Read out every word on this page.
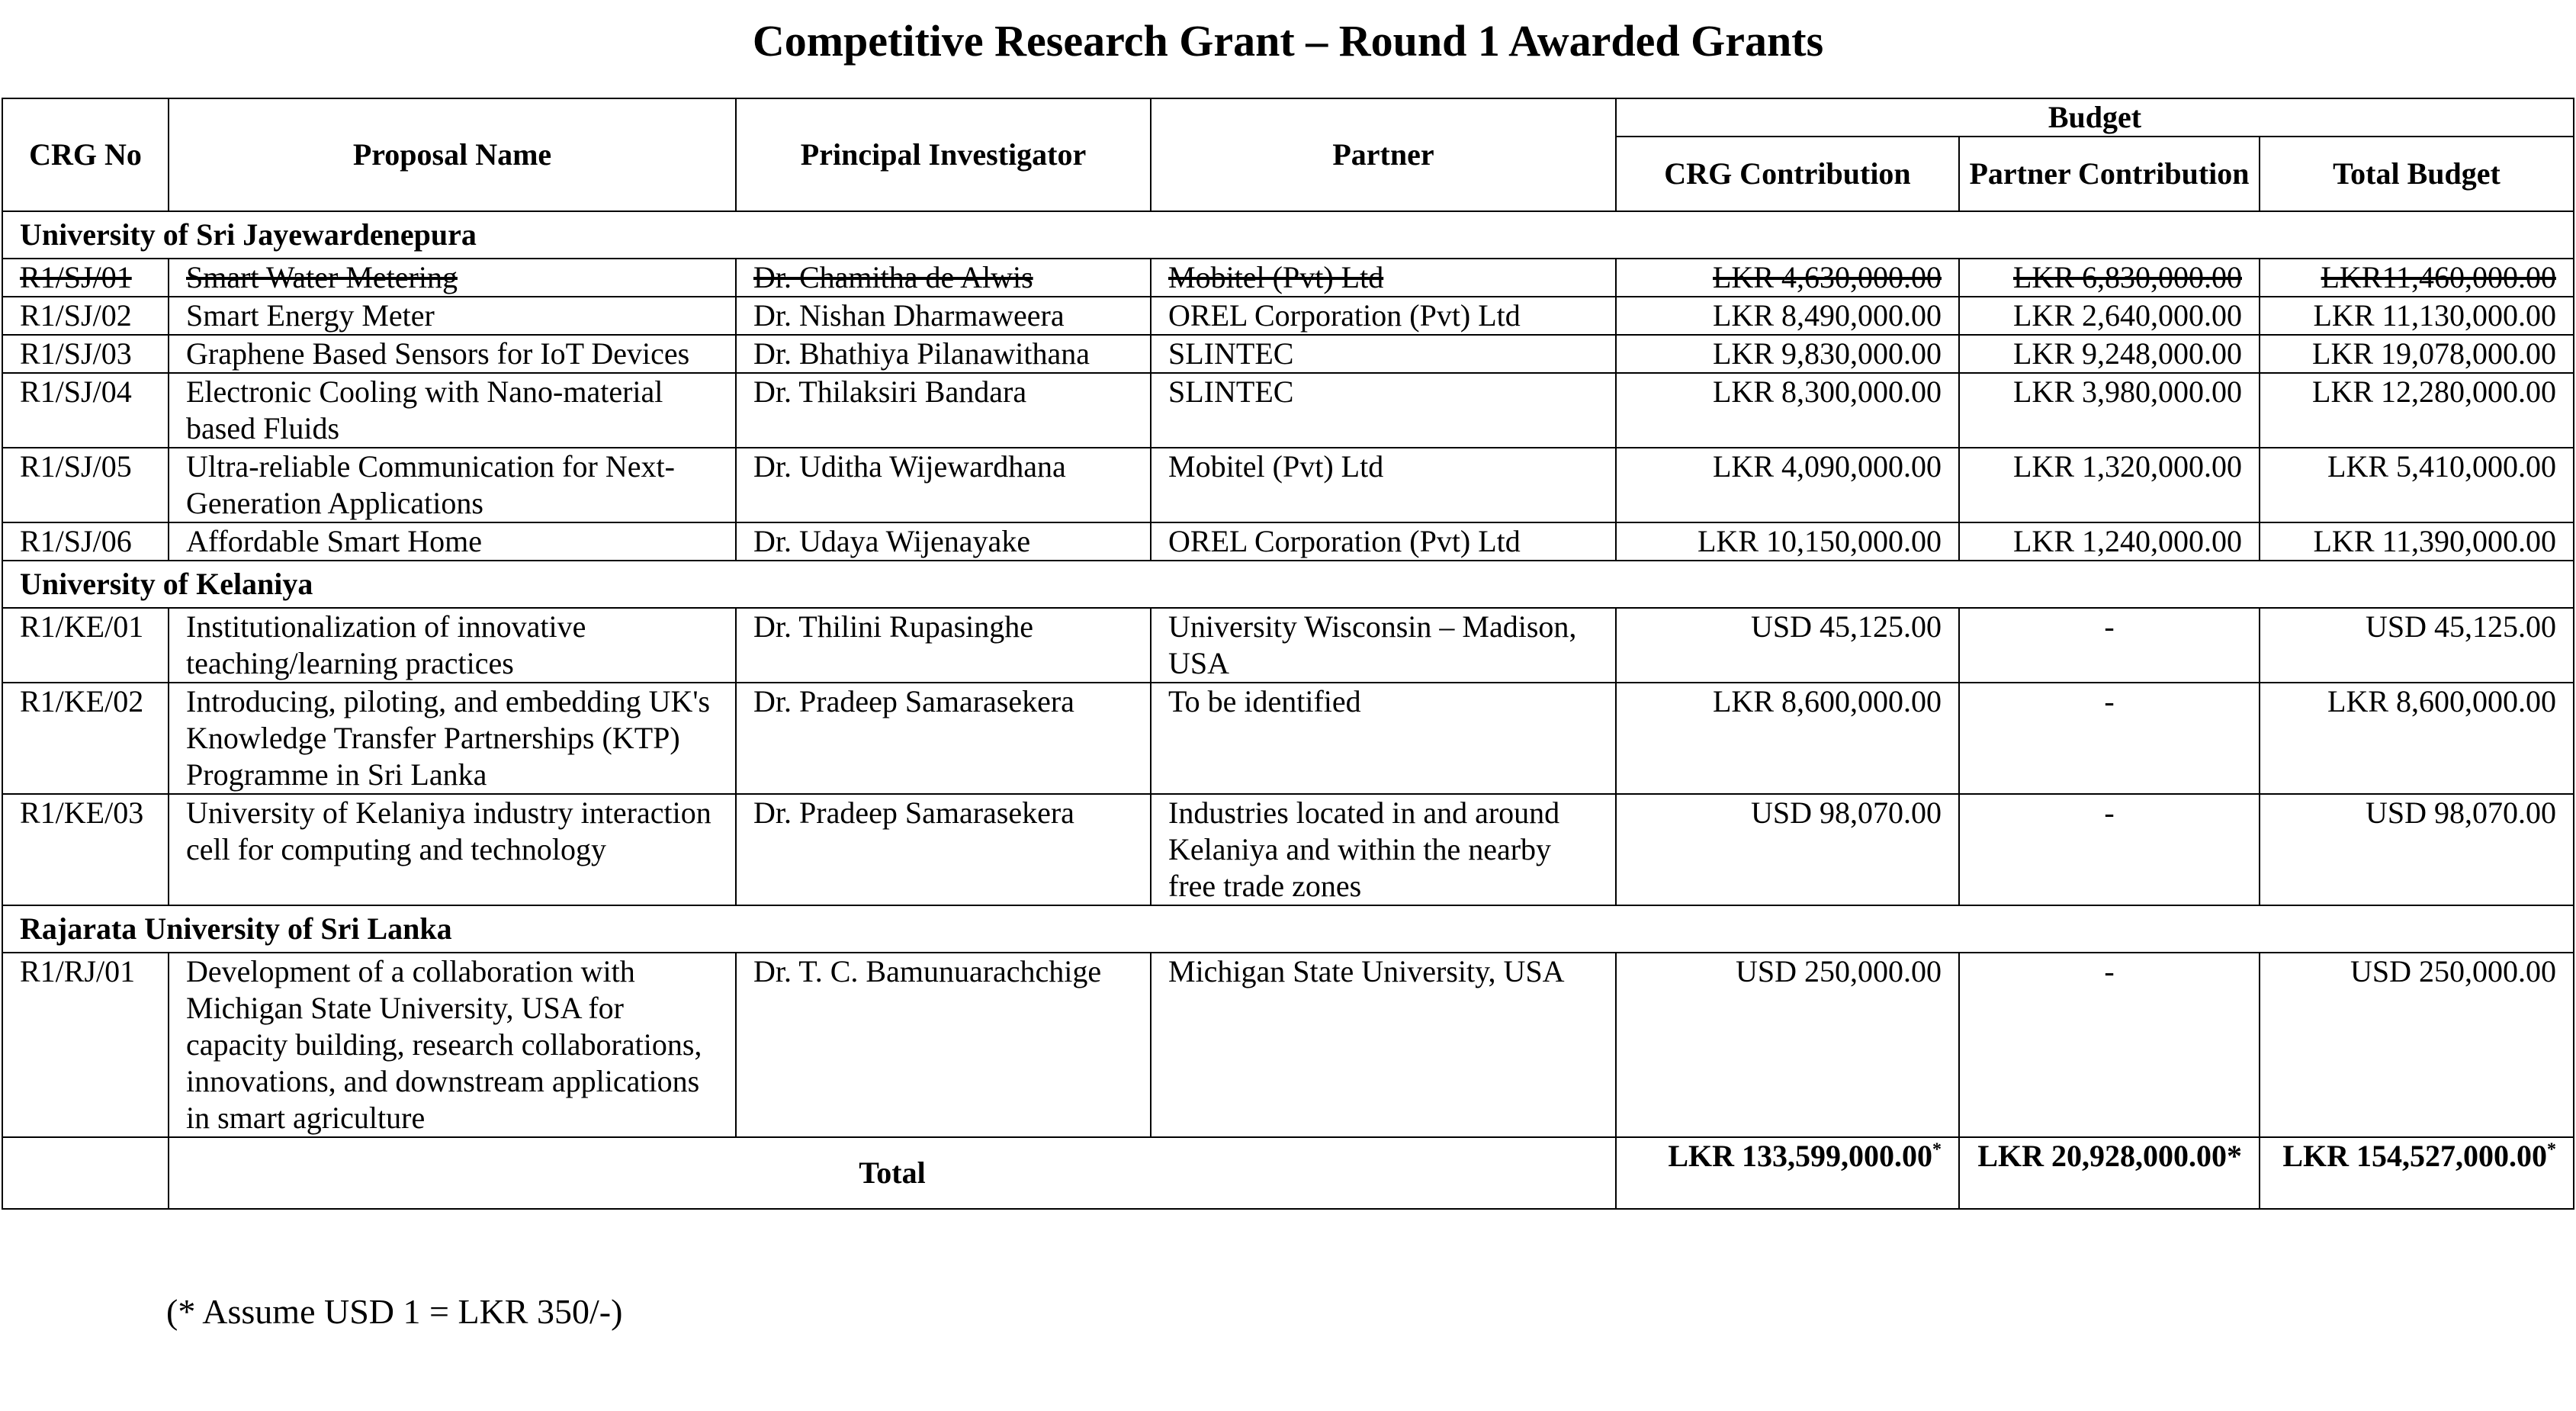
Competitive Research Grant – Round 1 Awarded Grants
CRG No	Proposal Name	Principal Investigator	Partner	Budget		
				CRG Contribution	Partner Contribution	Total Budget
University of Sri Jayewardenepura						
R1/SJ/01	Smart Water Metering	Dr. Chamitha de Alwis	Mobitel (Pvt) Ltd	LKR 4,630,000.00	LKR 6,830,000.00	LKR11,460,000.00
R1/SJ/02	Smart Energy Meter	Dr. Nishan Dharmaweera	OREL Corporation (Pvt) Ltd	LKR 8,490,000.00	LKR 2,640,000.00	LKR 11,130,000.00
R1/SJ/03	Graphene Based Sensors for IoT Devices	Dr. Bhathiya Pilanawithana	SLINTEC	LKR 9,830,000.00	LKR 9,248,000.00	LKR 19,078,000.00
R1/SJ/04	Electronic Cooling with Nano-material based Fluids	Dr. Thilaksiri Bandara	SLINTEC	LKR 8,300,000.00	LKR 3,980,000.00	LKR 12,280,000.00
R1/SJ/05	Ultra-reliable Communication for Next-Generation Applications	Dr. Uditha Wijewardhana	Mobitel (Pvt) Ltd	LKR 4,090,000.00	LKR 1,320,000.00	LKR 5,410,000.00
R1/SJ/06	Affordable Smart Home	Dr. Udaya Wijenayake	OREL Corporation (Pvt) Ltd	LKR 10,150,000.00	LKR 1,240,000.00	LKR 11,390,000.00
University of Kelaniya						
R1/KE/01	Institutionalization of innovative teaching/learning practices	Dr. Thilini Rupasinghe	University Wisconsin – Madison, USA	USD 45,125.00	-	USD 45,125.00
R1/KE/02	Introducing, piloting, and embedding UK's Knowledge Transfer Partnerships (KTP) Programme in Sri Lanka	Dr. Pradeep Samarasekera	To be identified	LKR 8,600,000.00	-	LKR 8,600,000.00
R1/KE/03	University of Kelaniya industry interaction cell for computing and technology	Dr. Pradeep Samarasekera	Industries located in and around Kelaniya and within the nearby free trade zones	USD 98,070.00	-	USD 98,070.00
Rajarata University of Sri Lanka						
R1/RJ/01	Development of a collaboration with Michigan State University, USA for capacity building, research collaborations, innovations, and downstream applications in smart agriculture	Dr. T. C. Bamunuarachchige	Michigan State University, USA	USD 250,000.00	-	USD 250,000.00
	Total			LKR 133,599,000.00*	LKR 20,928,000.00*	LKR 154,527,000.00*
(* Assume USD 1 = LKR 350/-)
